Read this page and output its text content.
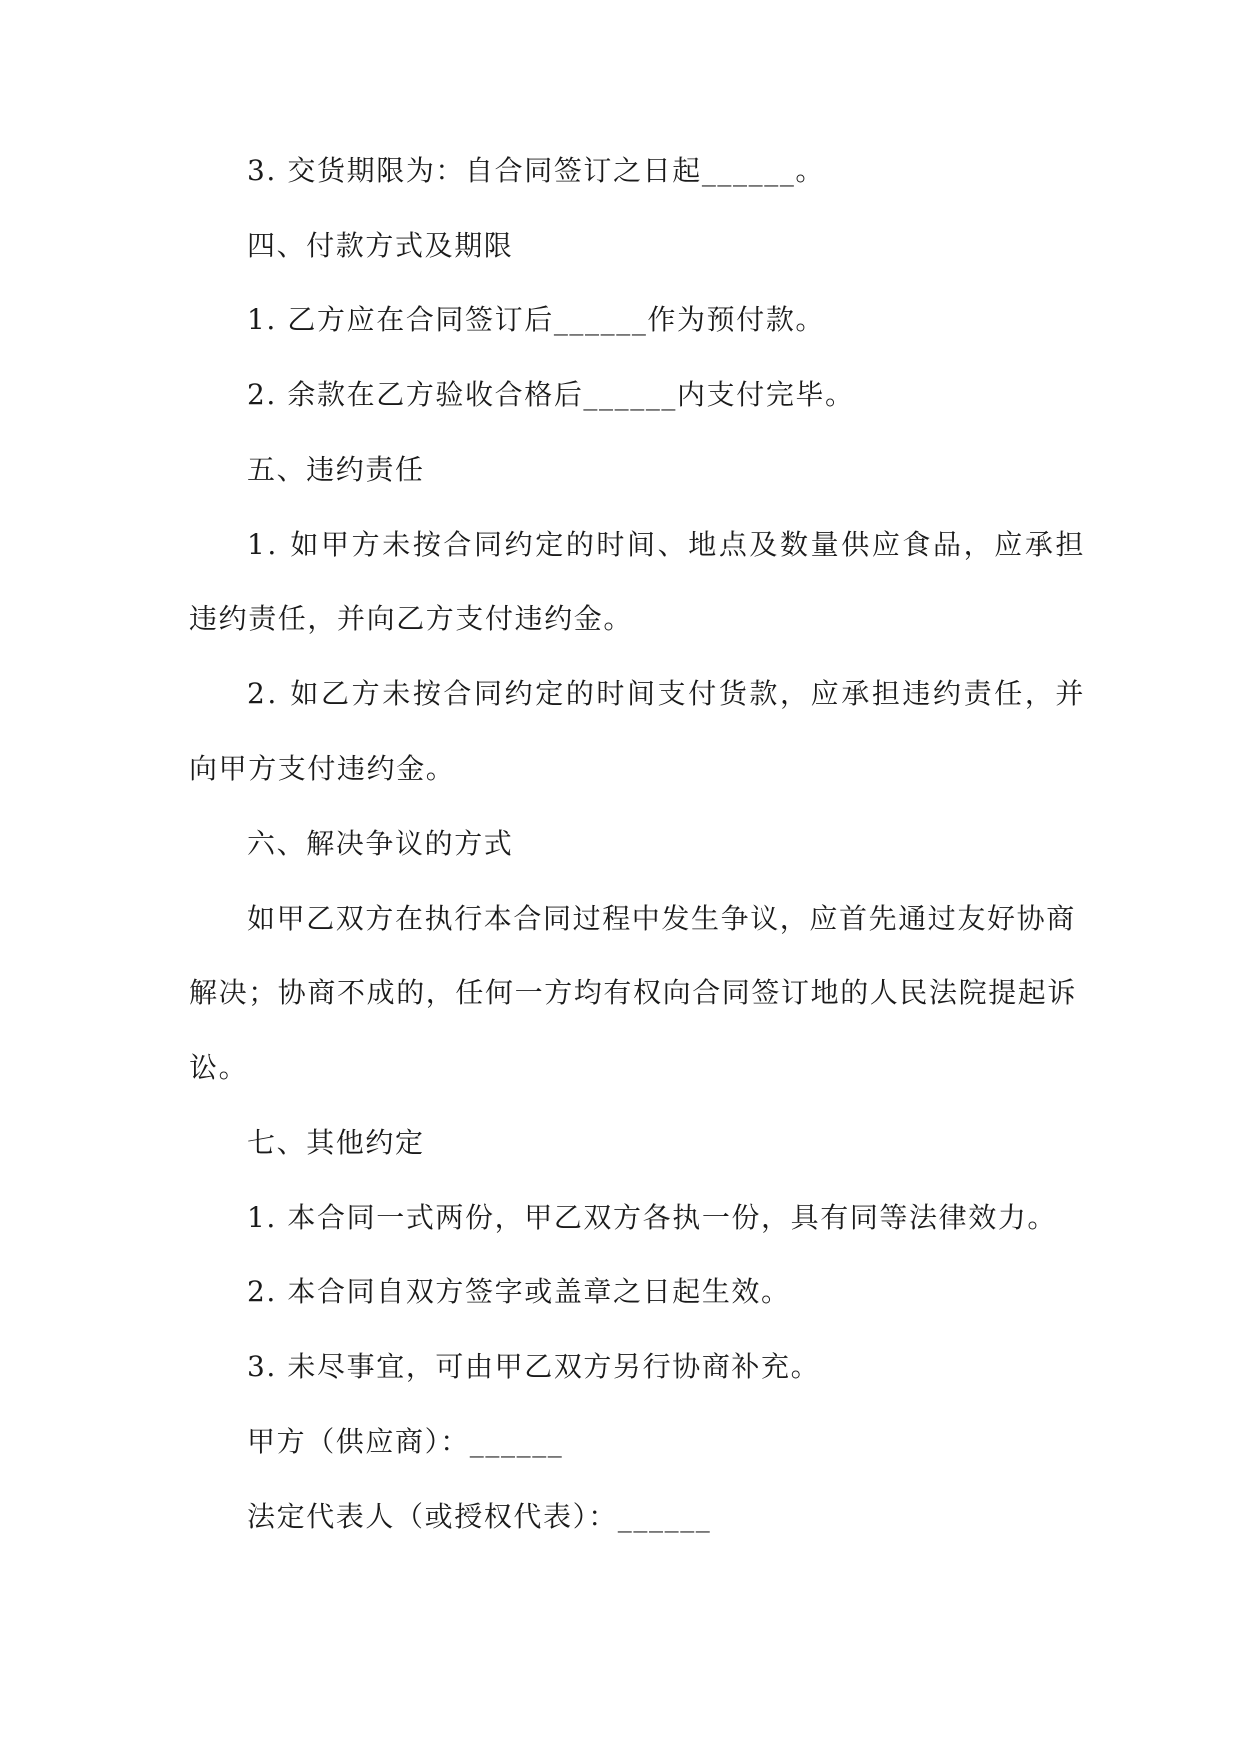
3. 交货期限为：自合同签订之日起______。
四、付款方式及期限
1. 乙方应在合同签订后______作为预付款。
2. 余款在乙方验收合格后______内支付完毕。
五、违约责任
1. 如甲方未按合同约定的时间、地点及数量供应食品，应承担
违约责任，并向乙方支付违约金。
2. 如乙方未按合同约定的时间支付货款，应承担违约责任，并
向甲方支付违约金。
六、解决争议的方式
如甲乙双方在执行本合同过程中发生争议，应首先通过友好协商
解决；协商不成的，任何一方均有权向合同签订地的人民法院提起诉
讼。
七、其他约定
1. 本合同一式两份，甲乙双方各执一份，具有同等法律效力。
2. 本合同自双方签字或盖章之日起生效。
3. 未尽事宜，可由甲乙双方另行协商补充。
甲方（供应商）：______
法定代表人（或授权代表）：______
